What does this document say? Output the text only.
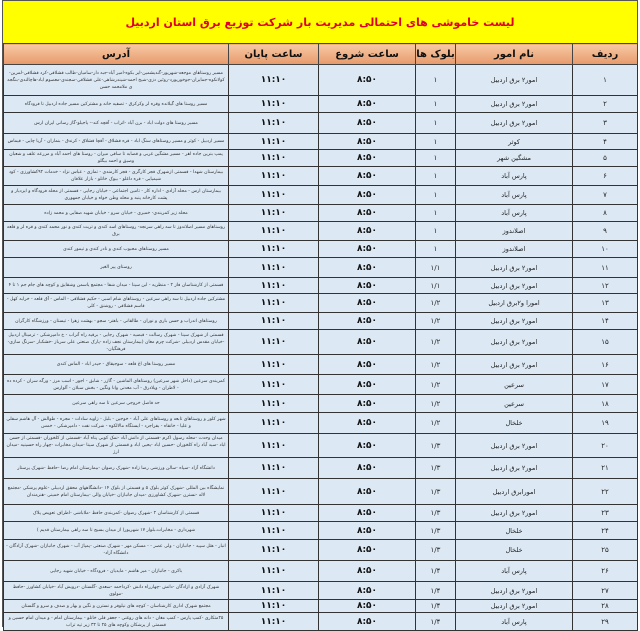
لیست خاموشی های احتمالی مدیریت بار شرکت توزیع برق استان اردبیل
ردیف	نام امور	بلوک ها	ساعت شروع	ساعت پایان	آدرس
۱	امور۲ برق اردبیل	۱	۸:۵۰	۱۱:۱۰	مسیر روستاهای موجعه-شهریور-گندیشمین-ایر بکوه-امیر آباد-جبه دار-سامیان-طالب قشلاقی-کرد قشلاقی-لمرین-کولانکوه-جمایران-جوخوریورد-روئین دزی-شیخ احمد-شیندرشاهی-علی قشلاقی-سجندی-معصوم اباد-هاچالندی-بنگجه ی ملامحمد حسن
۲	امور۲ برق اردبیل	۱	۸:۵۰	۱۱:۱۰	مسیر روستا های گیلانده وقره لر وکرکرق - تصفیه خانه و مشترکین مسیر جاده اردبیل تا فرودگاه
۳	امور۲ برق اردبیل	۱	۸:۵۰	۱۱:۱۰	مسیر روستا های دولت اباد - برن آباد -اتراب - آقچه کند-- یاجیلو-گاز رسانی ایران ارس
۴	کوثر	۱	۸:۵۰	۱۱:۱۰	مسیر اردبیل - کوثر و مسیر روستاهای سنگ اباد - قره قشلاق - آقچا قشلاق - کرندق - بنماران - آریا چایی - قیماس
۵	مشگین شهر	۱	۸:۵۰	۱۱:۱۰	پمپ بنزین جاده اهر - مسیر مشگین غربی و قصابه تا ساقی میران - روستا های احمد آباد و مزرعه علف و شعبان وصیق و احمد بیگلو
۶	پارس آباد	۱	۸:۵۰	۱۱:۱۰	بیمارستان شهدا - قسمتی ازشهرک قجر کارگری - قجر کارمندی - تمازی - عباس نژاد - خدمات ۹۲کشاورزی - کود شیمیایی - قره داغلو - بیوک خانلو - بازار علافان
۷	پارس آباد	۱	۸:۵۰	۱۱:۱۰	بیمارستان ارس - محله آزادی - اداره کار - تامین اجتماعی - خیابان رجایی - قسمتی از محله فرودگاه و ایزدیار و پشت کارخانه پنبه و محله وطن خواه و خیابان جمهوری
۸	پارس آباد	۱	۸:۵۰	۱۱:۱۰	محله زیر کمربندی- خمیری - خیابان سرو - خیابان شهید صفایی و محمد زاده
۹	اصلاندوز	۱	۸:۵۰	۱۱:۱۰	روستاهای مسیر اصلاندوز تا سه راهی سرنجه- روستاهای اسد کندی و تربت کندی و نور محمد کندی و قره لر و قلعه برق
۱۰	اصلاندوز	۱	۸:۵۰	۱۱:۱۰	مسیر روستاهای محبوب کندی و نادر کندی و تیمور کندی
۱۱	امور۲ برق اردبیل	۱/۱	۸:۵۰	۱۱:۱۰	روستای پیر الغیر
۱۲	امور۲ برق اردبیل	۱/۱	۸:۵۰	۱۱:۱۰	قسمتی از کارشناسان فاز ۲ - منظریه - ابن سینا - میدان شفا - مجتمع یاسمن وشقایق و کوچه های جام جم ۱ تا ۴
۱۳	امورا و۲برق اردبیل	۱/۲	۸:۵۰	۱۱:۱۰	مشترکین جاده اردبیل تا سه راهی سرعین - روستاهای شام اسبی - حکیم قشلاقی - الماس - آق قلعه - خرابه کهل - قاسم قشلاقی - روشنق - کلی
۱۴	امور۲ برق اردبیل	۱/۲	۸:۵۰	۱۱:۱۰	روستاهای اندراب و حسن باری و نوران - طالقانی - باهنر- سجو - بهشت زهرا - تیستان - ورزشگاه کارگران
۱۵	امور۲ برق اردبیل	۱/۲	۸:۵۰	۱۱:۱۰	قسمتی از شهرک سینا - شهرک رسالت - قبضیه - شهرک رجایی - برقیه راه آتراب - خ دامپزشکی - ترمینال اردبیل -خیابان مقدس اردبیلی -شرکت چرم مغان (بیمارستان نجف زاده -پارک صنعتی علی سرباز -خشکبار -سرنگ سازی- فرهنگیان-
۱۶	امور۲ برق اردبیل	۱/۲	۸:۵۰	۱۱:۱۰	مسیر روستا های اغ قلعه - سوجیقاق - حیدر اباد - الماس کندی
۱۷	سرعین	۱/۲	۸:۵۰	۱۱:۱۰	کمربندی سرعین (داخل شهر سرعین) روستاهای الماشین - گازر - شابق - اجور - اسب مرز - ورگه سران - کرده ده - لاطران - ویلادرق - آب معدنی وانا ونگین - بخش سبلان - آلوارس
۱۸	سرعین	۱/۲	۸:۵۰	۱۱:۱۰	حد فاصل خروجی سرعین تا سه راهی سرعین
۱۹	خلخال	۱/۲	۸:۵۰	۱۱:۱۰	شهر کلور و روستاهای تابعه و روستاهای علی آباد - خوجین - بلبل - زاویه سادات - مجره - طوالش - آل هاشم سفلی و علیا - خانقاه - بفراجرد - ایستگاه مالالکوه - شرکت نفت - دامپزشکی - خمس
۲۰	امور۲ برق اردبیل	۱/۳	۸:۵۰	۱۱:۱۰	میدان وحدت -محله رسول اکرم -قسمتی از دانش آباد -نمک کوبی پناه آباد -قسمتی از کلخوران -قسمتی از حسن اباد -سید آباد راه کلخوران -حسین اباد -یحیی اباد و قسمتی از شهرک سینا -میدان مخابرات -چهار راه حسینیه -میدان ارژ
۲۱	امور۲ برق اردبیل	۱/۳	۸:۵۰	۱۱:۱۰	دانشگاه آزاد -سپاه -سالن ورزشی رضا زاده -شهرک رضوان -بیمارستان امام رضا -حافظ -شهرک پرستار
۲۲	امورابرق اردبیل	۱/۳	۸:۵۰	۱۱:۱۰	نمایشگاه بین المللی -شهرک کوثر بلوک ۵ و قسمتی از بلوک ۱۴ -دانشگاههای محقق اردبیلی -علوم پزشکی -مجتمع لاله -نسترن -شهرک کشاورزی -میدان جانبازان -خیابان والی -بیمارستان امام خمینی -هنرمندان
۲۳	امور۲ برق اردبیل	۱/۳	۸:۵۰	۱۱:۱۰	قسمتی از کارشناسان ۲ -شهرک رضوان -کمربندی حافظ -ملاباشی -اطراف تعویض پلاک
۲۴	خلخال	۱/۳	۸:۵۰	۱۱:۱۰	شهرداری - مخابرات،بلوار ۱۷ شهریور( از میدان بسیج تا سه راهی بیمارستان قدیم )
۲۵	خلخال	۱/۳	۸:۵۰	۱۱:۱۰	انبار - هتل سپید - جانبازان - ولی عصر - - مسکن مهر - شهرک صنعتی -پمپاژ آب - شهرک جانبازان -شهرک آزادگان - دانشگاه آزاد-
۲۶	پارس آباد	۱/۴	۸:۵۰	۱۱:۱۰	باکری - جانبازان - میر هاشم - مایدیان - فرودگاه - خیابان شهید رجایی
۲۷	امور۲ برق اردبیل	۱/۴	۸:۵۰	۱۱:۱۰	شهرک آزادی و ازادگان -دانش -چهارراه دانش -کرداحمد -سعدی -گلستان -درویش آباد -خیابان کشاورز -حافظ -مولوی
۲۸	امور۲ برق اردبیل	۱/۴	۸:۵۰	۱۱:۱۰	مجتمع شهرک اداری کارشناسان - کوچه های نیلوفر و نسترن و نگین و بهار و صدف و سرو و گلستان
۲۹	پارس آباد	۱/۴	۸:۵۰	۱۱:۱۰	۲۵متکاری -کمپ پارس - کمپ مغان - دانه های روغنی - جعفر قلی خانلو - بیمارستان امام - و میدان امام حسین و قسمتی از پزشکان وکوچه های ۲۵ تا ۳۲ زیر تپه تراب
